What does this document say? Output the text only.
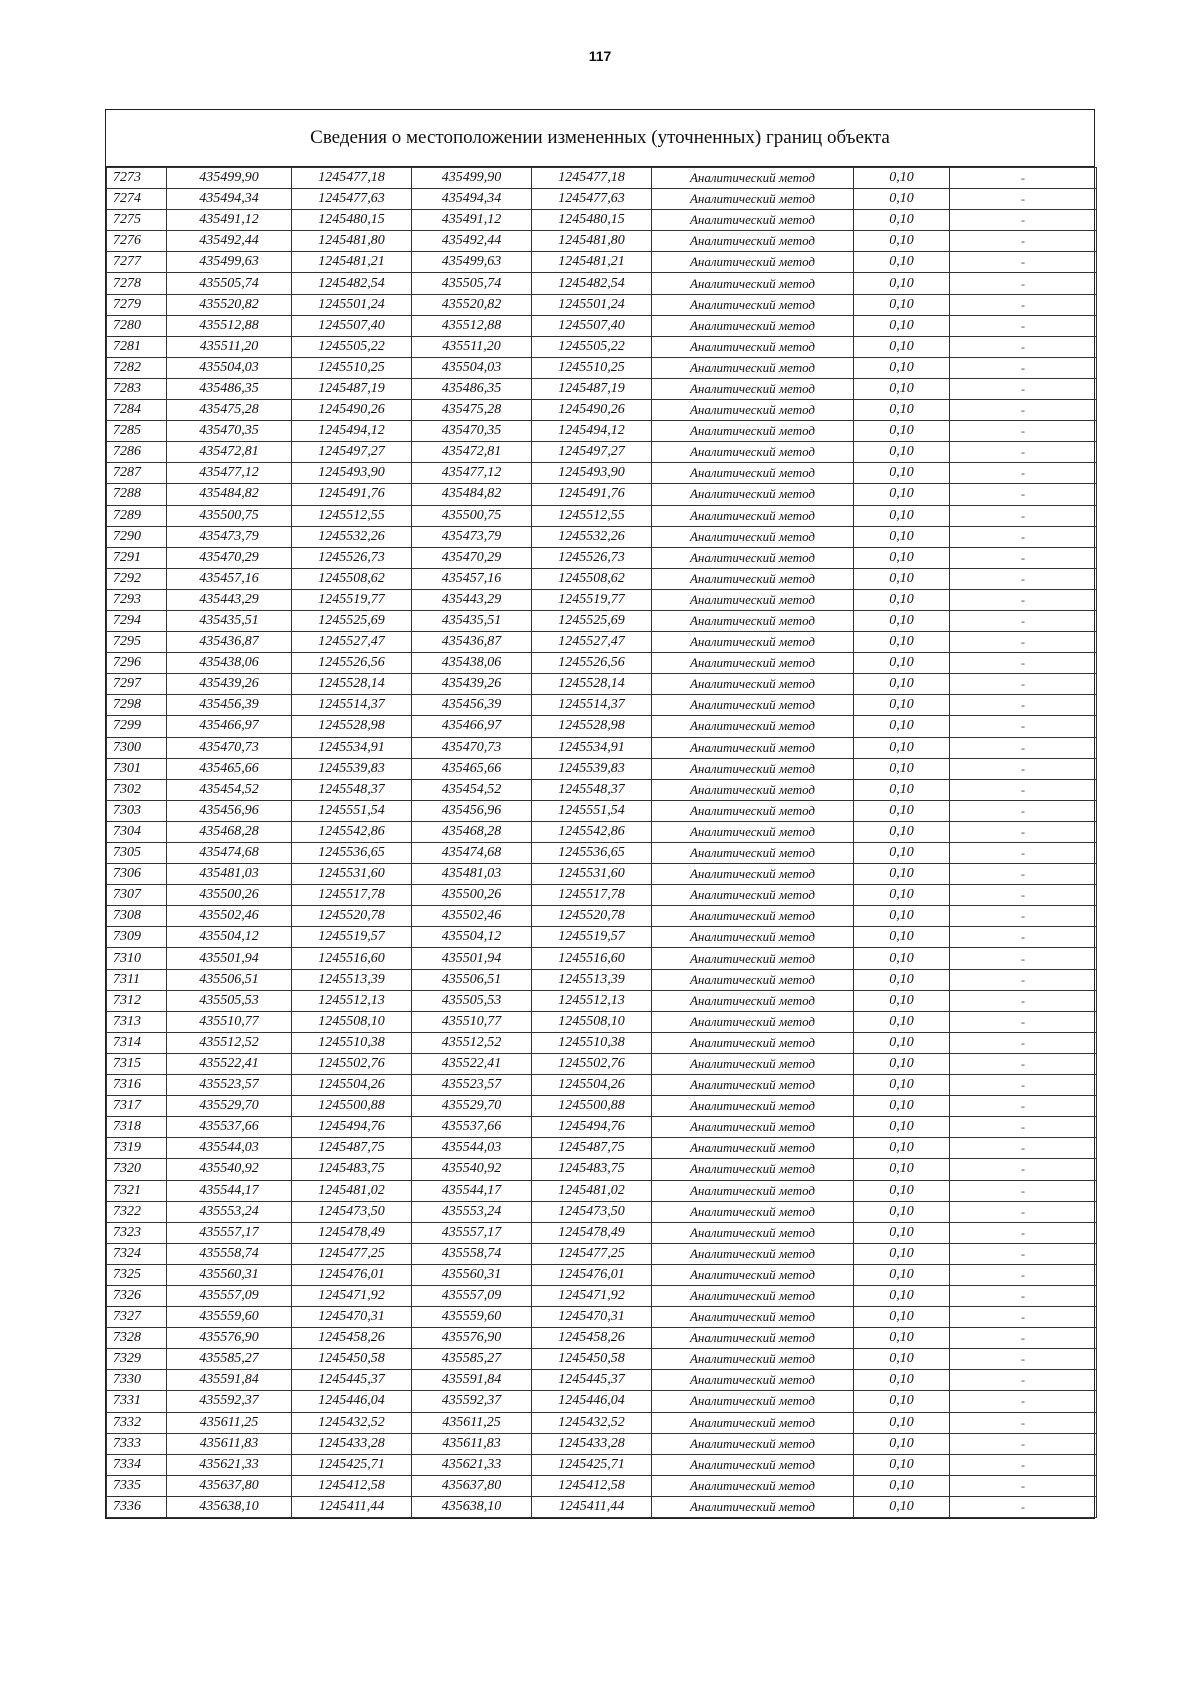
117
Сведения о местоположении измененных (уточненных) границ объекта
7273	435499,90	1245477,18	435499,90	1245477,18	Аналитический метод	0,10	-
7274	435494,34	1245477,63	435494,34	1245477,63	Аналитический метод	0,10	-
7275	435491,12	1245480,15	435491,12	1245480,15	Аналитический метод	0,10	-
7276	435492,44	1245481,80	435492,44	1245481,80	Аналитический метод	0,10	-
7277	435499,63	1245481,21	435499,63	1245481,21	Аналитический метод	0,10	-
7278	435505,74	1245482,54	435505,74	1245482,54	Аналитический метод	0,10	-
7279	435520,82	1245501,24	435520,82	1245501,24	Аналитический метод	0,10	-
7280	435512,88	1245507,40	435512,88	1245507,40	Аналитический метод	0,10	-
7281	435511,20	1245505,22	435511,20	1245505,22	Аналитический метод	0,10	-
7282	435504,03	1245510,25	435504,03	1245510,25	Аналитический метод	0,10	-
7283	435486,35	1245487,19	435486,35	1245487,19	Аналитический метод	0,10	-
7284	435475,28	1245490,26	435475,28	1245490,26	Аналитический метод	0,10	-
7285	435470,35	1245494,12	435470,35	1245494,12	Аналитический метод	0,10	-
7286	435472,81	1245497,27	435472,81	1245497,27	Аналитический метод	0,10	-
7287	435477,12	1245493,90	435477,12	1245493,90	Аналитический метод	0,10	-
7288	435484,82	1245491,76	435484,82	1245491,76	Аналитический метод	0,10	-
7289	435500,75	1245512,55	435500,75	1245512,55	Аналитический метод	0,10	-
7290	435473,79	1245532,26	435473,79	1245532,26	Аналитический метод	0,10	-
7291	435470,29	1245526,73	435470,29	1245526,73	Аналитический метод	0,10	-
7292	435457,16	1245508,62	435457,16	1245508,62	Аналитический метод	0,10	-
7293	435443,29	1245519,77	435443,29	1245519,77	Аналитический метод	0,10	-
7294	435435,51	1245525,69	435435,51	1245525,69	Аналитический метод	0,10	-
7295	435436,87	1245527,47	435436,87	1245527,47	Аналитический метод	0,10	-
7296	435438,06	1245526,56	435438,06	1245526,56	Аналитический метод	0,10	-
7297	435439,26	1245528,14	435439,26	1245528,14	Аналитический метод	0,10	-
7298	435456,39	1245514,37	435456,39	1245514,37	Аналитический метод	0,10	-
7299	435466,97	1245528,98	435466,97	1245528,98	Аналитический метод	0,10	-
7300	435470,73	1245534,91	435470,73	1245534,91	Аналитический метод	0,10	-
7301	435465,66	1245539,83	435465,66	1245539,83	Аналитический метод	0,10	-
7302	435454,52	1245548,37	435454,52	1245548,37	Аналитический метод	0,10	-
7303	435456,96	1245551,54	435456,96	1245551,54	Аналитический метод	0,10	-
7304	435468,28	1245542,86	435468,28	1245542,86	Аналитический метод	0,10	-
7305	435474,68	1245536,65	435474,68	1245536,65	Аналитический метод	0,10	-
7306	435481,03	1245531,60	435481,03	1245531,60	Аналитический метод	0,10	-
7307	435500,26	1245517,78	435500,26	1245517,78	Аналитический метод	0,10	-
7308	435502,46	1245520,78	435502,46	1245520,78	Аналитический метод	0,10	-
7309	435504,12	1245519,57	435504,12	1245519,57	Аналитический метод	0,10	-
7310	435501,94	1245516,60	435501,94	1245516,60	Аналитический метод	0,10	-
7311	435506,51	1245513,39	435506,51	1245513,39	Аналитический метод	0,10	-
7312	435505,53	1245512,13	435505,53	1245512,13	Аналитический метод	0,10	-
7313	435510,77	1245508,10	435510,77	1245508,10	Аналитический метод	0,10	-
7314	435512,52	1245510,38	435512,52	1245510,38	Аналитический метод	0,10	-
7315	435522,41	1245502,76	435522,41	1245502,76	Аналитический метод	0,10	-
7316	435523,57	1245504,26	435523,57	1245504,26	Аналитический метод	0,10	-
7317	435529,70	1245500,88	435529,70	1245500,88	Аналитический метод	0,10	-
7318	435537,66	1245494,76	435537,66	1245494,76	Аналитический метод	0,10	-
7319	435544,03	1245487,75	435544,03	1245487,75	Аналитический метод	0,10	-
7320	435540,92	1245483,75	435540,92	1245483,75	Аналитический метод	0,10	-
7321	435544,17	1245481,02	435544,17	1245481,02	Аналитический метод	0,10	-
7322	435553,24	1245473,50	435553,24	1245473,50	Аналитический метод	0,10	-
7323	435557,17	1245478,49	435557,17	1245478,49	Аналитический метод	0,10	-
7324	435558,74	1245477,25	435558,74	1245477,25	Аналитический метод	0,10	-
7325	435560,31	1245476,01	435560,31	1245476,01	Аналитический метод	0,10	-
7326	435557,09	1245471,92	435557,09	1245471,92	Аналитический метод	0,10	-
7327	435559,60	1245470,31	435559,60	1245470,31	Аналитический метод	0,10	-
7328	435576,90	1245458,26	435576,90	1245458,26	Аналитический метод	0,10	-
7329	435585,27	1245450,58	435585,27	1245450,58	Аналитический метод	0,10	-
7330	435591,84	1245445,37	435591,84	1245445,37	Аналитический метод	0,10	-
7331	435592,37	1245446,04	435592,37	1245446,04	Аналитический метод	0,10	-
7332	435611,25	1245432,52	435611,25	1245432,52	Аналитический метод	0,10	-
7333	435611,83	1245433,28	435611,83	1245433,28	Аналитический метод	0,10	-
7334	435621,33	1245425,71	435621,33	1245425,71	Аналитический метод	0,10	-
7335	435637,80	1245412,58	435637,80	1245412,58	Аналитический метод	0,10	-
7336	435638,10	1245411,44	435638,10	1245411,44	Аналитический метод	0,10	-
